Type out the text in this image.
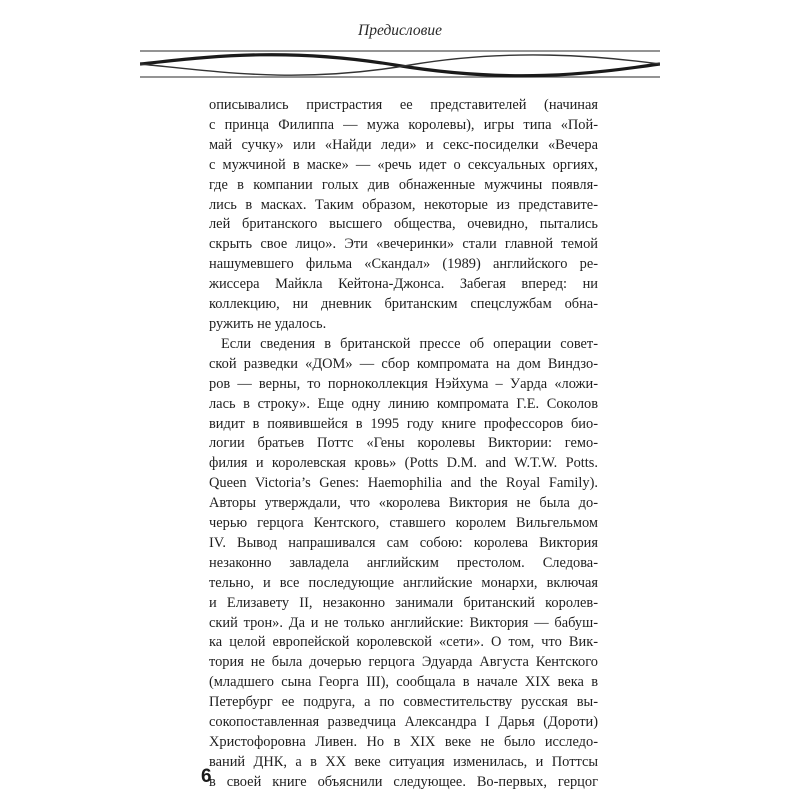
Предисловие
описывались пристрастия ее представителей (начиная
с принца Филиппа — мужа королевы), игры типа «Пой-
май сучку» или «Найди леди» и секс-посиделки «Вечера
с мужчиной в маске» — «речь идет о сексуальных оргиях,
где в компании голых див обнаженные мужчины появля-
лись в масках. Таким образом, некоторые из представите-
лей британского высшего общества, очевидно, пытались
скрыть свое лицо». Эти «вечеринки» стали главной темой
нашумевшего фильма «Скандал» (1989) английского ре-
жиссера Майкла Кейтона-Джонса. Забегая вперед: ни
коллекцию, ни дневник британским спецслужбам обна-
ружить не удалось.
Если сведения в британской прессе об операции совет-
ской разведки «ДОМ» — сбор компромата на дом Виндзо-
ров — верны, то порноколлекция Нэйхума – Уарда «ложи-
лась в строку». Еще одну линию компромата Г.Е. Соколов
видит в появившейся в 1995 году книге профессоров био-
логии братьев Поттс «Гены королевы Виктории: гемо-
филия и королевская кровь» (Potts D.M. and W.T.W. Potts.
Queen Victoria’s Genes: Haemophilia and the Royal Family).
Авторы утверждали, что «королева Виктория не была до-
черью герцога Кентского, ставшего королем Вильгельмом
IV. Вывод напрашивался сам собою: королева Виктория
незаконно завладела английским престолом. Следова-
тельно, и все последующие английские монархи, включая
и Елизавету II, незаконно занимали британский королев-
ский трон». Да и не только английские: Виктория — бабуш-
ка целой европейской королевской «сети». О том, что Вик-
тория не была дочерью герцога Эдуарда Августа Кентского
(младшего сына Георга III), сообщала в начале XIX века в
Петербург ее подруга, а по совместительству русская вы-
сокопоставленная разведчица Александра I Дарья (Дороти)
Христофоровна Ливен. Но в XIX веке не было исследо-
ваний ДНК, а в XX веке ситуация изменилась, и Поттсы
в своей книге объяснили следующее. Во-первых, герцог
6
